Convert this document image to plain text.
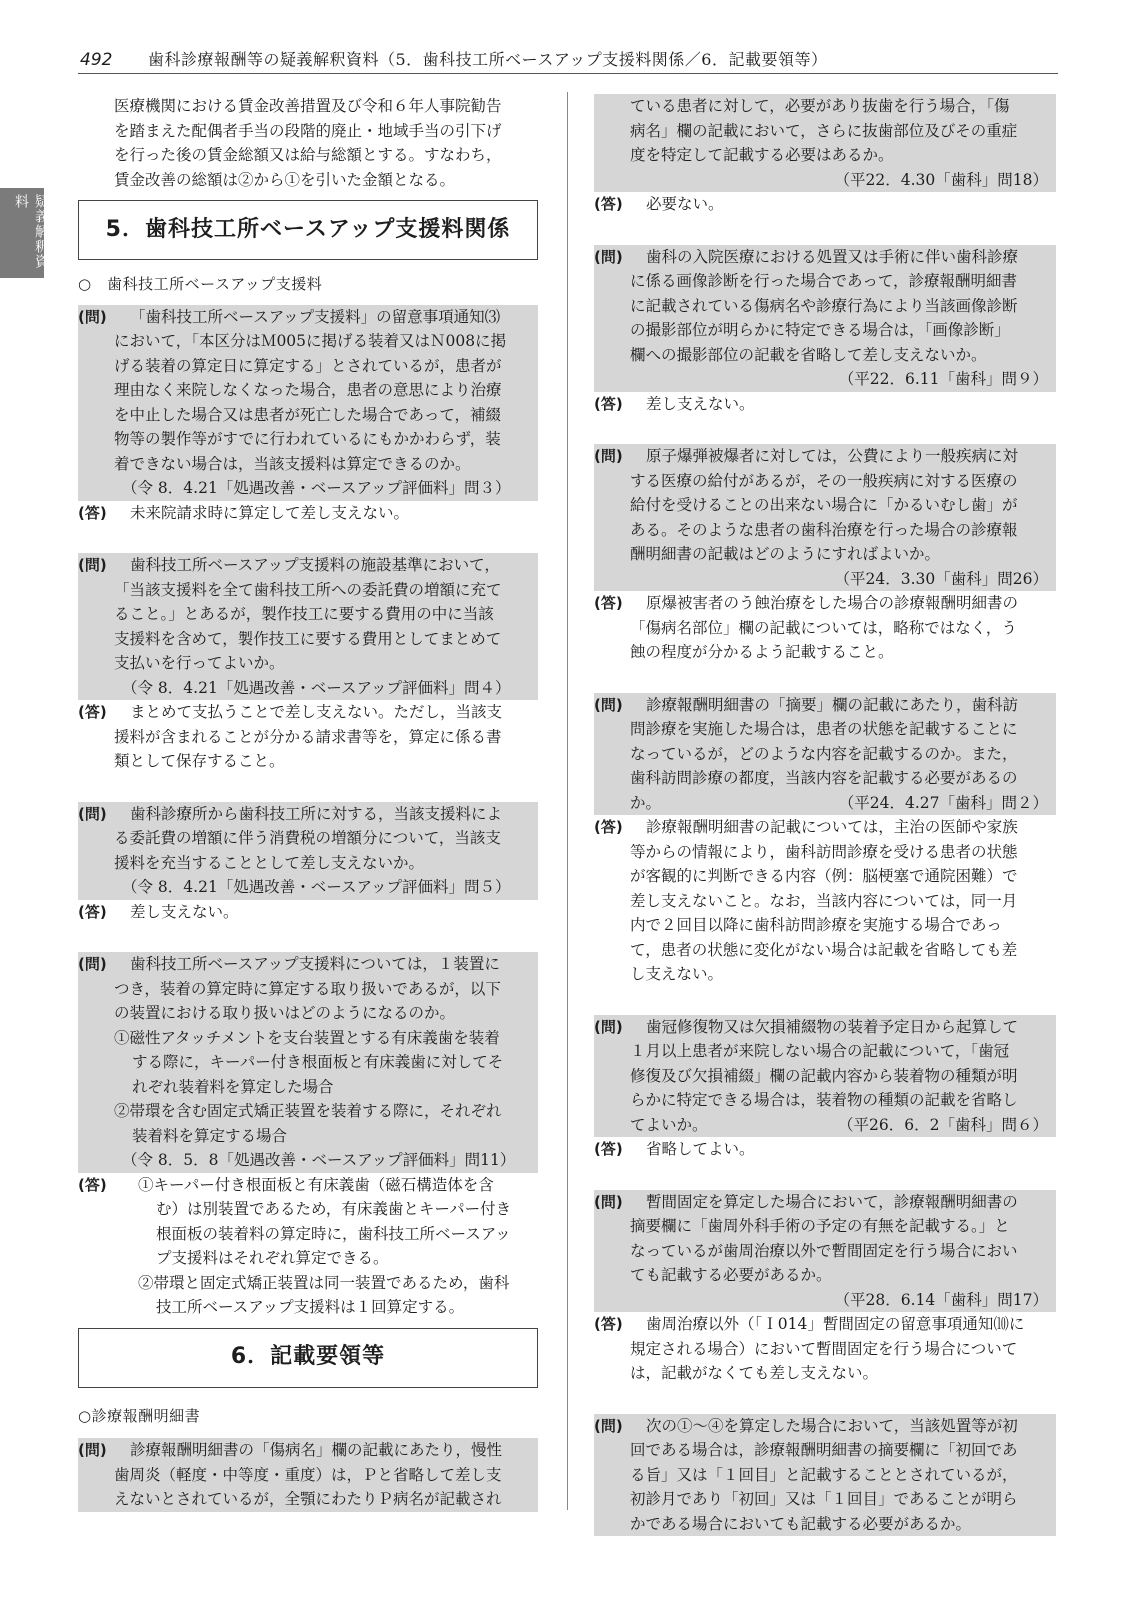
492 歯科診療報酬等の疑義解釈資料（5．歯科技工所ベースアップ支援料関係／6．記載要領等）
疑義解釈資料

医療機関における賃金改善措置及び令和６年人事院勧告

を踏まえた配偶者手当の段階的廃止・地域手当の引下げ

を行った後の賃金総額又は給与総額とする。すなわち，

賃金改善の総額は②から①を引いた金額となる。

5．歯科技工所ベースアップ支援料関係

○　歯科技工所ベースアップ支援料

(問)	「歯科技工所ベースアップ支援料」の留意事項通知⑶

において，「本区分はＭ005に掲げる装着又はＮ008に掲

げる装着の算定日に算定する」とされているが，患者が

理由なく来院しなくなった場合，患者の意思により治療

を中止した場合又は患者が死亡した場合であって，補綴

物等の製作等がすでに行われているにもかかわらず，装

着できない場合は，当該支援料は算定できるのか。

（令 8．4.21「処遇改善・ベースアップ評価料」問３）

(答)	未来院請求時に算定して差し支えない。

(問)	歯科技工所ベースアップ支援料の施設基準において，

「当該支援料を全て歯科技工所への委託費の増額に充て

ること。」とあるが，製作技工に要する費用の中に当該

支援料を含めて，製作技工に要する費用としてまとめて

支払いを行ってよいか。

（令 8．4.21「処遇改善・ベースアップ評価料」問４）

(答)	まとめて支払うことで差し支えない。ただし，当該支

援料が含まれることが分かる請求書等を，算定に係る書

類として保存すること。

(問)	歯科診療所から歯科技工所に対する，当該支援料によ

る委託費の増額に伴う消費税の増額分について，当該支

援料を充当することとして差し支えないか。

（令 8．4.21「処遇改善・ベースアップ評価料」問５）

(答)	差し支えない。

(問)	歯科技工所ベースアップ支援料については，１装置に

つき，装着の算定時に算定する取り扱いであるが，以下

の装置における取り扱いはどのようになるのか。

①磁性アタッチメントを支台装置とする有床義歯を装着

する際に，キーパー付き根面板と有床義歯に対してそ

れぞれ装着料を算定した場合

②帯環を含む固定式矯正装置を装着する際に，それぞれ

装着料を算定する場合

（令 8．5．8「処遇改善・ベースアップ評価料」問11）

(答) ①キーパー付き根面板と有床義歯（磁石構造体を含

む）は別装置であるため，有床義歯とキーパー付き

根面板の装着料の算定時に，歯科技工所ベースアッ

プ支援料はそれぞれ算定できる。

②帯環と固定式矯正装置は同一装置であるため，歯科

技工所ベースアップ支援料は１回算定する。

6．記載要領等

○診療報酬明細書

(問)	診療報酬明細書の「傷病名」欄の記載にあたり，慢性

歯周炎（軽度・中等度・重度）は，Ｐと省略して差し支

えないとされているが，全顎にわたりＰ病名が記載され

ている患者に対して，必要があり抜歯を行う場合，「傷

病名」欄の記載において，さらに抜歯部位及びその重症

度を特定して記載する必要はあるか。

（平22．4.30「歯科」問18）

(答)	必要ない。

(問)	歯科の入院医療における処置又は手術に伴い歯科診療

に係る画像診断を行った場合であって，診療報酬明細書

に記載されている傷病名や診療行為により当該画像診断

の撮影部位が明らかに特定できる場合は，「画像診断」

欄への撮影部位の記載を省略して差し支えないか。

（平22．6.11「歯科」問９）

(答)	差し支えない。

(問)	原子爆弾被爆者に対しては，公費により一般疾病に対

する医療の給付があるが，その一般疾病に対する医療の

給付を受けることの出来ない場合に「かるいむし歯」が

ある。そのような患者の歯科治療を行った場合の診療報

酬明細書の記載はどのようにすればよいか。

（平24．3.30「歯科」問26）

(答)	原爆被害者のう蝕治療をした場合の診療報酬明細書の

「傷病名部位」欄の記載については，略称ではなく，う

蝕の程度が分かるよう記載すること。

(問)	診療報酬明細書の「摘要」欄の記載にあたり，歯科訪

問診療を実施した場合は，患者の状態を記載することに

なっているが，どのような内容を記載するのか。また，

歯科訪問診療の都度，当該内容を記載する必要があるの

か。	（平24．4.27「歯科」問２）

(答)	診療報酬明細書の記載については，主治の医師や家族

等からの情報により，歯科訪問診療を受ける患者の状態

が客観的に判断できる内容（例：脳梗塞で通院困難）で

差し支えないこと。なお，当該内容については，同一月

内で２回目以降に歯科訪問診療を実施する場合であっ

て，患者の状態に変化がない場合は記載を省略しても差

し支えない。

(問)	歯冠修復物又は欠損補綴物の装着予定日から起算して

１月以上患者が来院しない場合の記載について，「歯冠

修復及び欠損補綴」欄の記載内容から装着物の種類が明

らかに特定できる場合は，装着物の種類の記載を省略し

てよいか。	（平26．6．2「歯科」問６）

(答)	省略してよい。

(問)	暫間固定を算定した場合において，診療報酬明細書の

摘要欄に「歯周外科手術の予定の有無を記載する。」と

なっているが歯周治療以外で暫間固定を行う場合におい

ても記載する必要があるか。

（平28．6.14「歯科」問17）

(答)	歯周治療以外（「Ｉ014」暫間固定の留意事項通知⑽に

規定される場合）において暫間固定を行う場合について

は，記載がなくても差し支えない。

(問)	次の①～④を算定した場合において，当該処置等が初

回である場合は，診療報酬明細書の摘要欄に「初回であ

る旨」又は「１回目」と記載することとされているが，

初診月であり「初回」又は「１回目」であることが明ら

かである場合においても記載する必要があるか。
